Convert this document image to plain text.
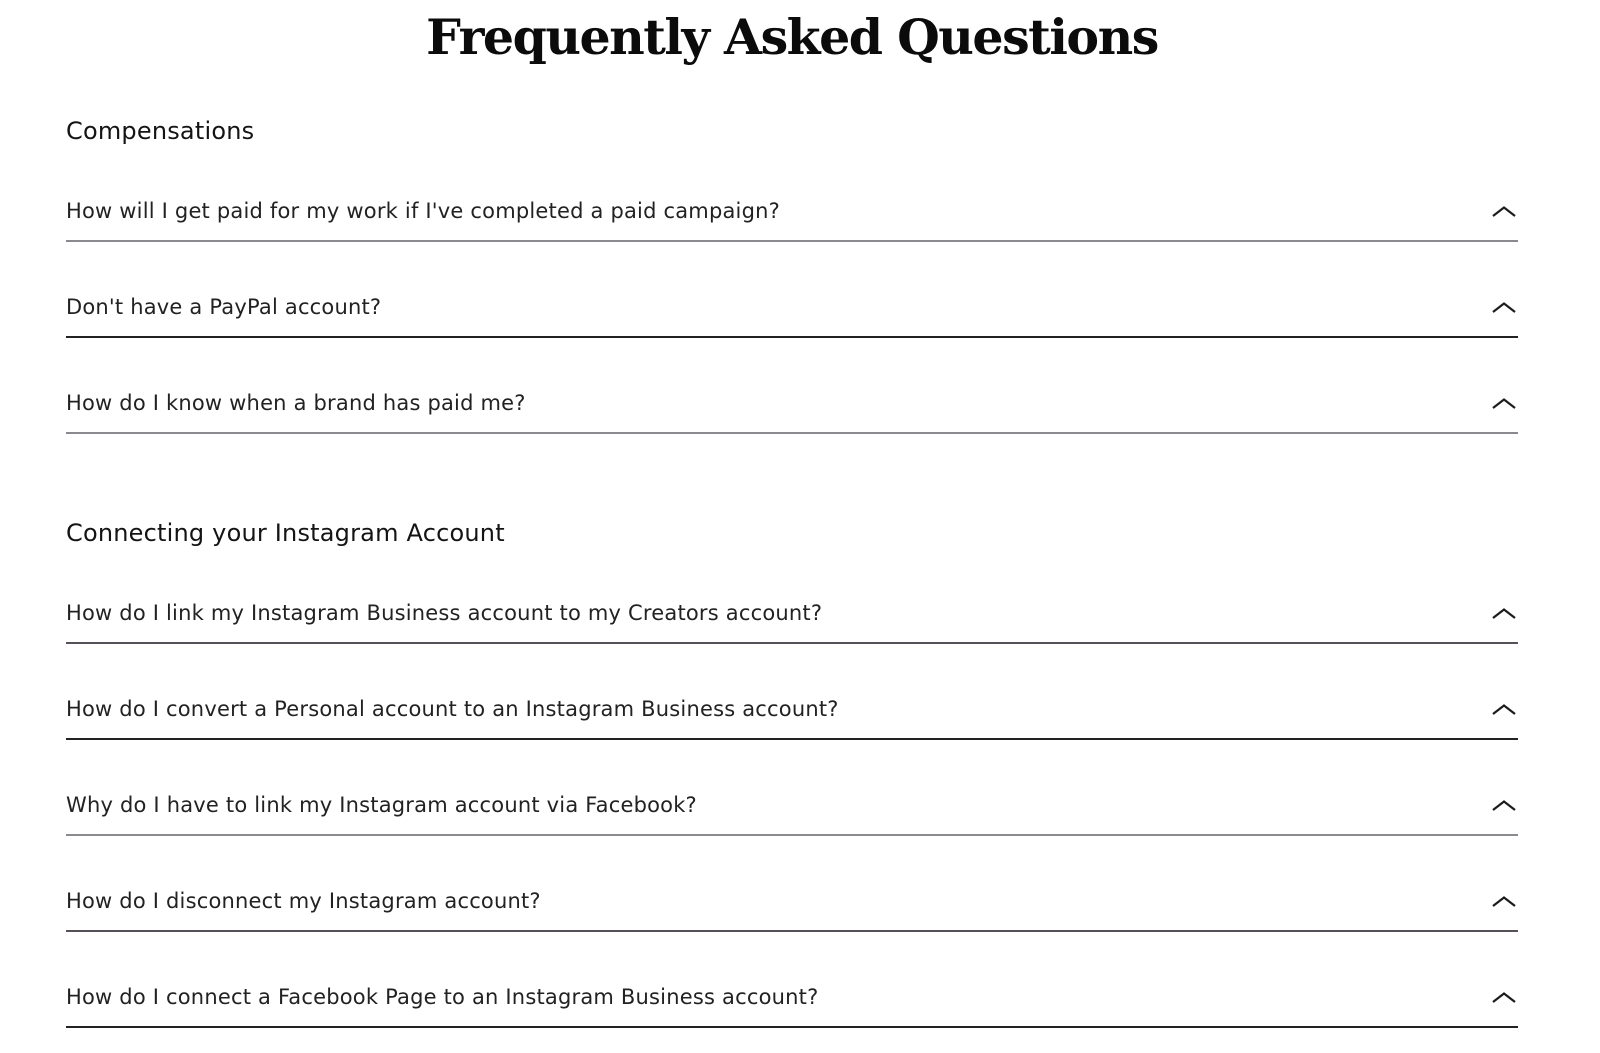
Frequently Asked Questions
Compensations
How will I get paid for my work if I've completed a paid campaign?
Don't have a PayPal account?
How do I know when a brand has paid me?
Connecting your Instagram Account
How do I link my Instagram Business account to my Creators account?
How do I convert a Personal account to an Instagram Business account?
Why do I have to link my Instagram account via Facebook?
How do I disconnect my Instagram account?
How do I connect a Facebook Page to an Instagram Business account?
